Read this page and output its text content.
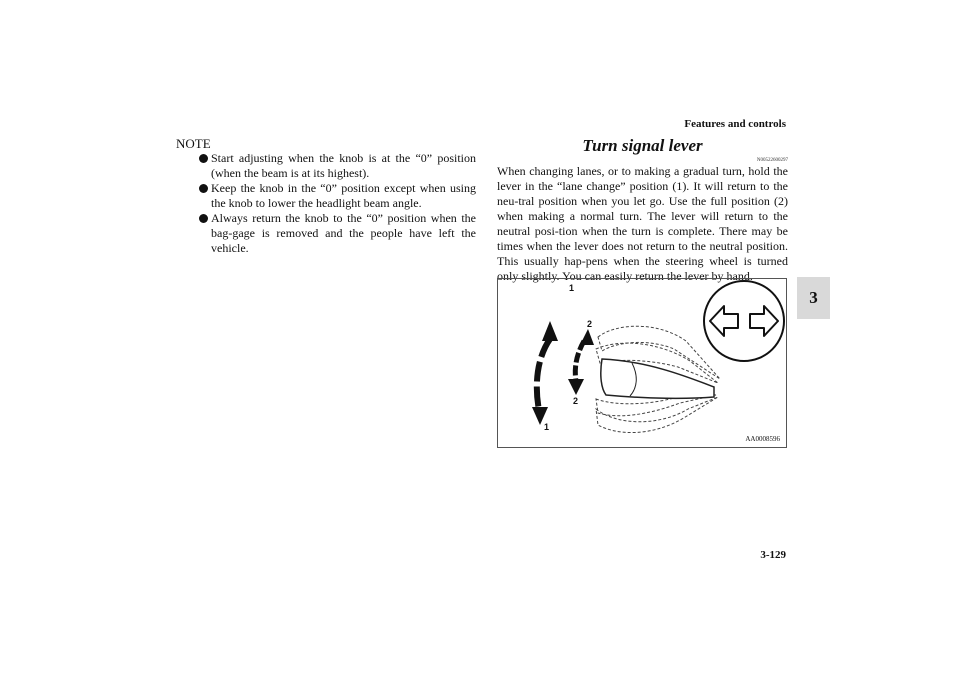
Features and controls
3
NOTE
Start adjusting when the knob is at the “0” position (when the beam is at its highest).
Keep the knob in the “0” position except when using the knob to lower the headlight beam angle.
Always return the knob to the “0” position when the bag-gage is removed and the people have left the vehicle.
Turn signal lever
N00522600297

When changing lanes, or to making a gradual turn, hold the lever in the “lane change” position (1). It will return to the neu-tral position when you let go. Use the full position (2) when making a normal turn. The lever will return to the neutral posi-tion when the turn is complete. There may be times when the lever does not return to the neutral position. This usually hap-pens when the steering wheel is turned only slightly. You can easily return the lever by hand.

1
2
2
1
AA0008596
3-129
